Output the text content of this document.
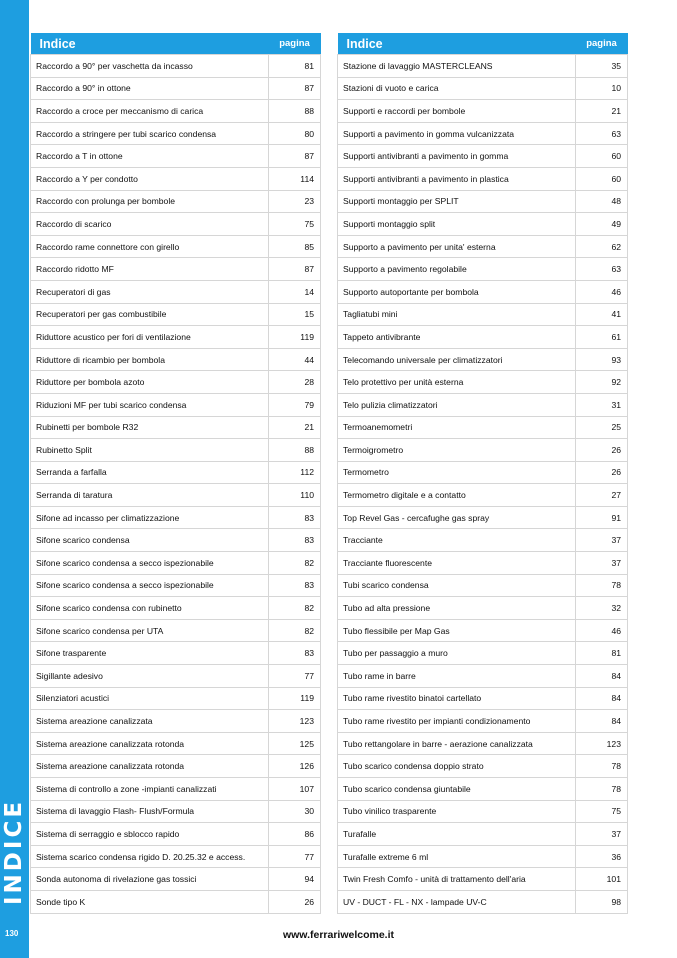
INDICE
130
Indice	pagina
Raccordo a 90° per vaschetta da incasso	81
Raccordo a 90° in ottone	87
Raccordo a croce per meccanismo di carica	88
Raccordo a stringere per tubi scarico condensa	80
Raccordo a T in ottone	87
Raccordo a Y per condotto	114
Raccordo con prolunga per bombole	23
Raccordo di scarico	75
Raccordo rame connettore con girello	85
Raccordo ridotto MF	87
Recuperatori di gas	14
Recuperatori per gas combustibile	15
Riduttore acustico per fori di ventilazione	119
Riduttore di ricambio per bombola	44
Riduttore per bombola azoto	28
Riduzioni MF per tubi scarico condensa	79
Rubinetti per bombole R32	21
Rubinetto Split	88
Serranda a farfalla	112
Serranda di taratura	110
Sifone ad incasso per climatizzazione	83
Sifone scarico condensa	83
Sifone scarico condensa a secco ispezionabile	82
Sifone scarico condensa a secco ispezionabile	83
Sifone scarico condensa con rubinetto	82
Sifone scarico condensa per UTA	82
Sifone trasparente	83
Sigillante adesivo	77
Silenziatori acustici	119
Sistema areazione canalizzata	123
Sistema areazione canalizzata rotonda	125
Sistema areazione canalizzata rotonda	126
Sistema di controllo a zone -impianti canalizzati	107
Sistema di lavaggio Flash- Flush/Formula	30
Sistema di serraggio e sblocco rapido	86
Sistema scarico condensa rigido D. 20.25.32 e access.	77
Sonda autonoma di rivelazione gas tossici	94
Sonde tipo K	26
Indice	pagina
Stazione di lavaggio MASTERCLEANS	35
Stazioni di vuoto e carica	10
Supporti e raccordi per bombole	21
Supporti a pavimento in gomma vulcanizzata	63
Supporti antivibranti a pavimento in gomma	60
Supporti antivibranti a pavimento in plastica	60
Supporti montaggio per SPLIT	48
Supporti montaggio split	49
Supporto a pavimento per unita' esterna	62
Supporto a pavimento regolabile	63
Supporto autoportante per bombola	46
Tagliatubi mini	41
Tappeto antivibrante	61
Telecomando universale per climatizzatori	93
Telo protettivo per unità esterna	92
Telo pulizia climatizzatori	31
Termoanemometri	25
Termoigrometro	26
Termometro	26
Termometro digitale e a contatto	27
Top Revel Gas - cercafughe gas spray	91
Tracciante	37
Tracciante fluorescente	37
Tubi scarico condensa	78
Tubo ad alta pressione	32
Tubo flessibile per Map Gas	46
Tubo per passaggio a muro	81
Tubo rame in barre	84
Tubo rame rivestito binatoi cartellato	84
Tubo rame rivestito per impianti condizionamento	84
Tubo rettangolare in barre - aerazione canalizzata	123
Tubo scarico condensa doppio strato	78
Tubo scarico condensa giuntabile	78
Tubo vinilico trasparente	75
Turafalle	37
Turafalle extreme 6 ml	36
Twin Fresh Comfo - unità di trattamento dell'aria	101
UV - DUCT - FL - NX - lampade UV-C	98
www.ferrariwelcome.it
